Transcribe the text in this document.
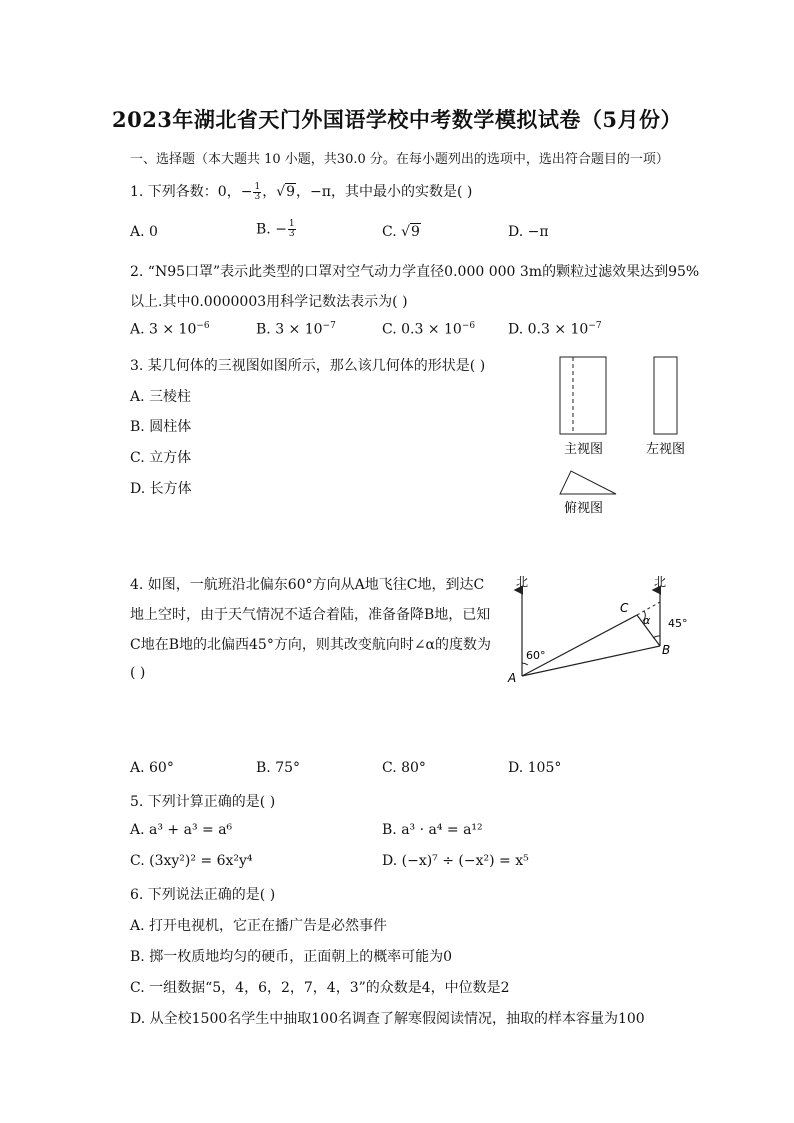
2023年湖北省天门外国语学校中考数学模拟试卷（5月份）
一、选择题（本大题共 10 小题，共30.0 分。在每小题列出的选项中，选出符合题目的一项）
1. 下列各数：0，− $\frac{1}{3}$ ，√9，−π，其中最小的实数是( )
A. 0	B. − $\frac{1}{3}$	C. √9	D. −π
2. “N95口罩”表示此类型的口罩对空气动力学直径0.000 000 3m的颗粒过滤效果达到95%
以上.其中0.0000003用科学记数法表示为( )
A. $3 \times 10^{-6}$	B. $3 \times 10^{-7}$	C. $0.3 \times 10^{-6}$ D. $0.3 \times 10^{-7}$
3. 某几何体的三视图如图所示，那么该几何体的形状是( )
A. 三棱柱
B. 圆柱体
C. 立方体
D. 长方体
主视图	左视图
俯视图
4. 如图，一航班沿北偏东60°方向从A地飞往C地，到达C
地上空时，由于天气情况不适合着陆，准备备降B地，已知
C地在B地的北偏西45°方向，则其改变航向时∠α的度数为
( )
北	北
A
B
C
α
60°
45°
A. 60°	B. 75°	C. 80°	D. 105°
5. 下列计算正确的是( )
A. a³ + a³ = a⁶	B. a³ · a⁴ = a¹²
C. (3xy²)² = 6x²y⁴	D. (−x)⁷ ÷ (−x²) = x⁵
6. 下列说法正确的是( )
A. 打开电视机，它正在播广告是必然事件
B. 掷一枚质地均匀的硬币，正面朝上的概率可能为0
C. 一组数据“5，4，6，2，7，4，3”的众数是4，中位数是2
D. 从全校1500名学生中抽取100名调查了解寒假阅读情况，抽取的样本容量为100
